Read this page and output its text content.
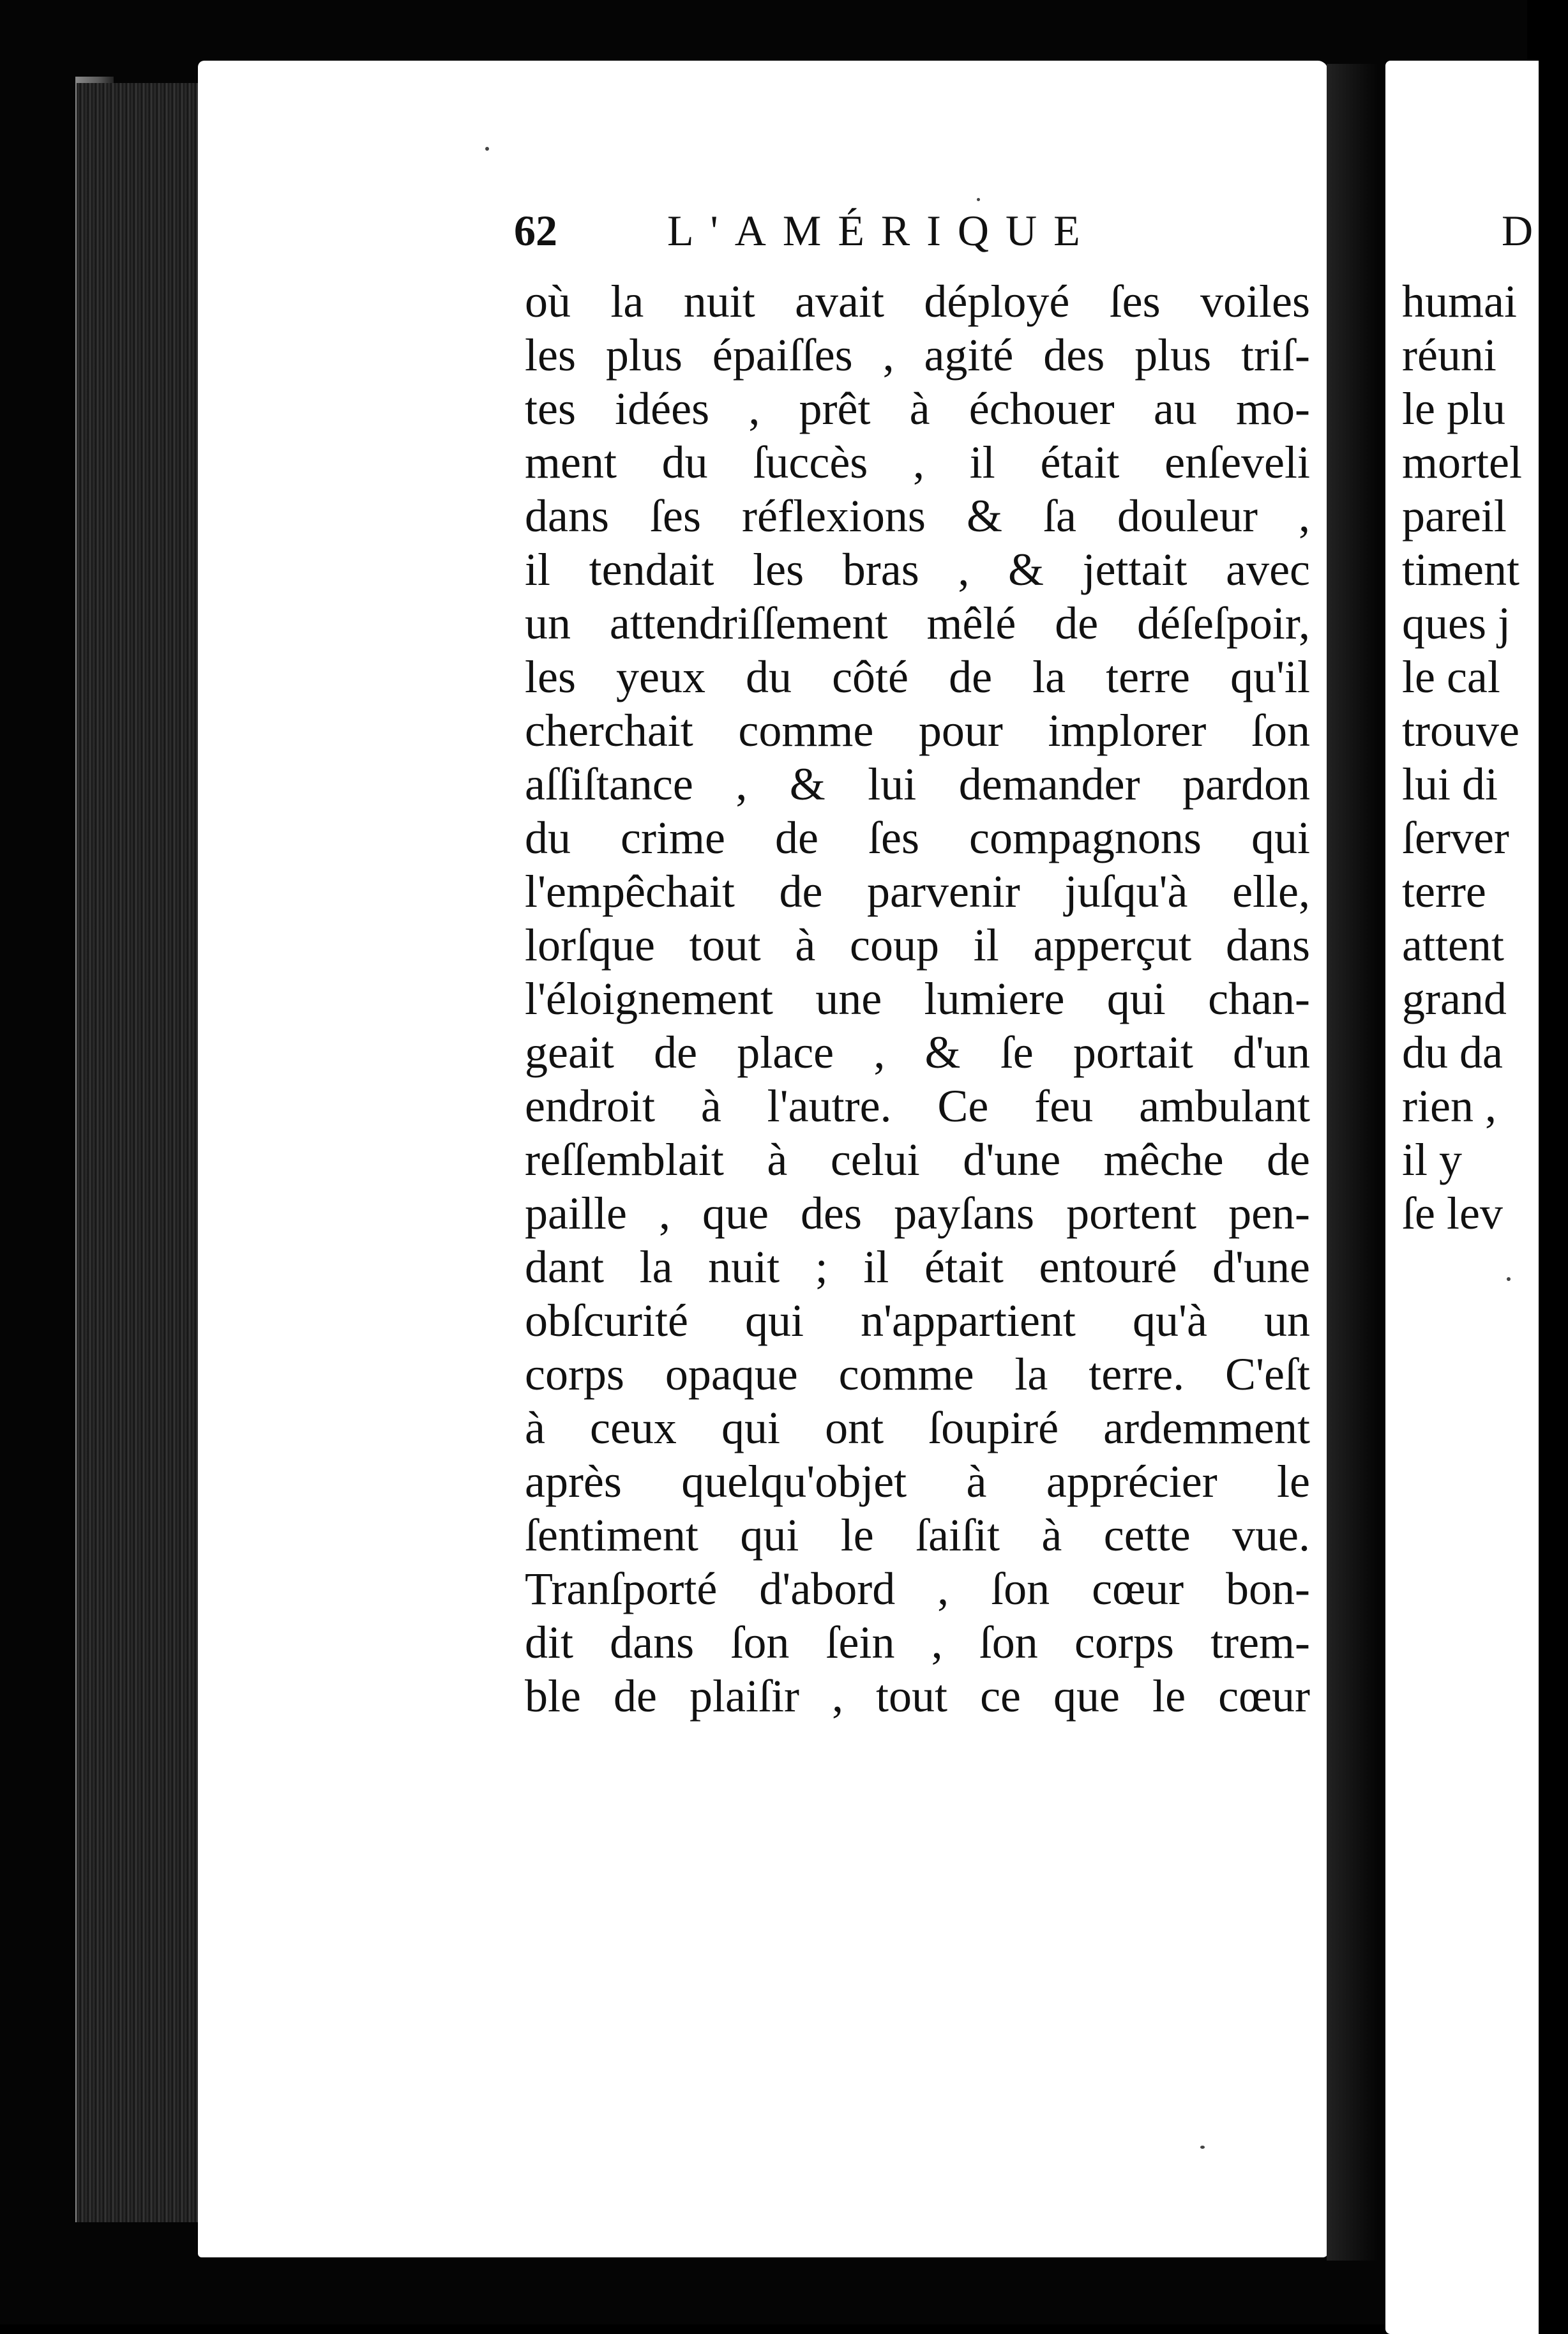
62	L'AMÉRIQUE
où la nuit avait déployé ſes voiles
les plus épaiſſes , agité des plus triſ-
tes idées , prêt à échouer au mo-
ment du ſuccès , il était enſeveli
dans ſes réflexions & ſa douleur ,
il tendait les bras , & jettait avec
un attendriſſement mêlé de déſeſpoir,
les yeux du côté de la terre qu'il
cherchait comme pour implorer ſon
aſſiſtance , & lui demander pardon
du crime de ſes compagnons qui
l'empêchait de parvenir juſqu'à elle,
lorſque tout à coup il apperçut dans
l'éloignement une lumiere qui chan-
geait de place , & ſe portait d'un
endroit à l'autre. Ce feu ambulant
reſſemblait à celui d'une mêche de
paille , que des payſans portent pen-
dant la nuit ; il était entouré d'une
obſcurité qui n'appartient qu'à un
corps opaque comme la terre. C'eſt
à ceux qui ont ſoupiré ardemment
après quelqu'objet à apprécier le
ſentiment qui le ſaiſit à cette vue.
Tranſporté d'abord , ſon cœur bon-
dit dans ſon ſein , ſon corps trem-
ble de plaiſir , tout ce que le cœur
D
humai
réuni
le plu
mortel
pareil
timent
ques j
le cal
trouve
lui di
ſerver
terre
attent
grand
du da
rien ,
il y
ſe lev
